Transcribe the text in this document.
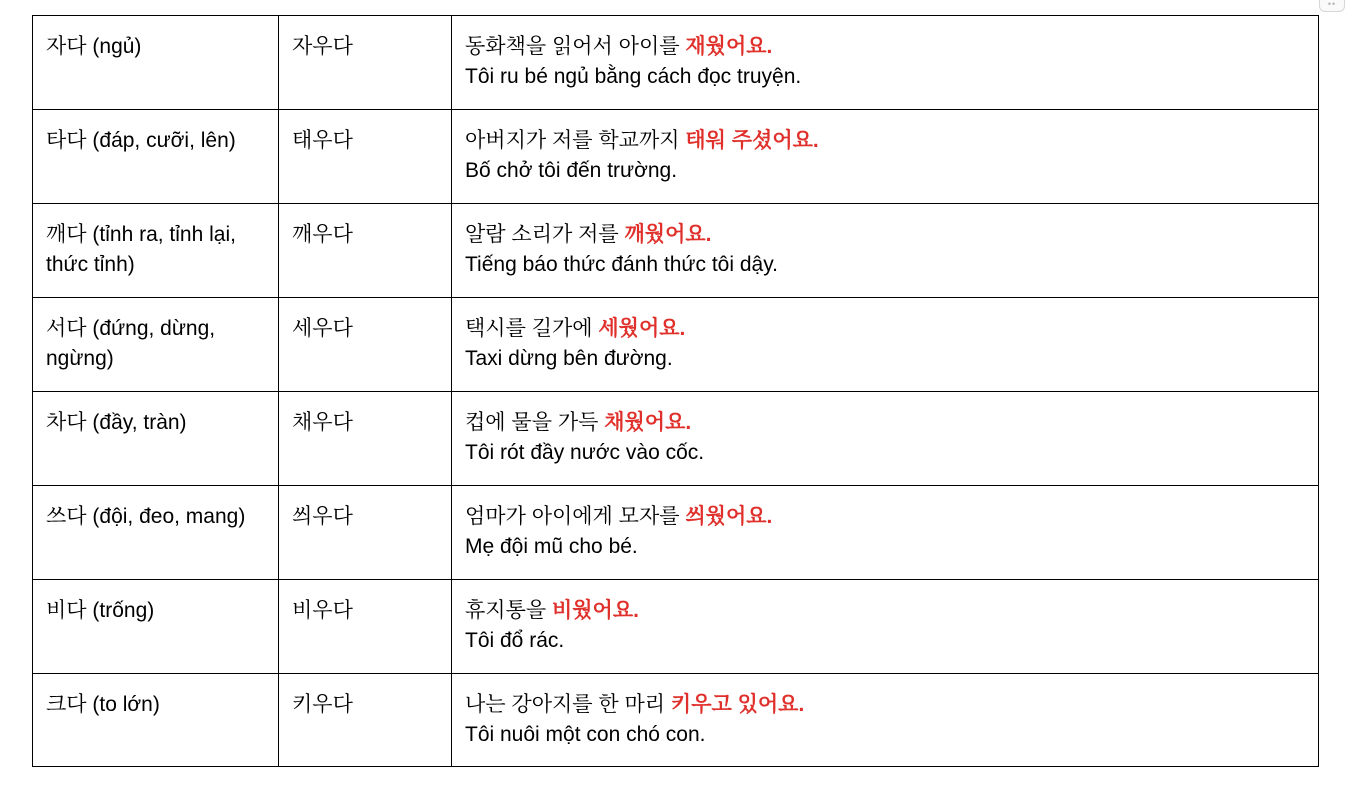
••
자다 (ngủ)	자우다	동화책을 읽어서 아이를 재웠어요.
Tôi ru bé ngủ bằng cách đọc truyện.

타다 (đáp, cưỡi, lên)	태우다	아버지가 저를 학교까지 태워 주셨어요.
Bố chở tôi đến trường.

깨다 (tỉnh ra, tỉnh lại, thức tỉnh)	깨우다	알람 소리가 저를 깨웠어요.
Tiếng báo thức đánh thức tôi dậy.

서다 (đứng, dừng, ngừng)	세우다	택시를 길가에 세웠어요.
Taxi dừng bên đường.

차다 (đầy, tràn)	채우다	컵에 물을 가득 채웠어요.
Tôi rót đầy nước vào cốc.

쓰다 (đội, đeo, mang)	씌우다	엄마가 아이에게 모자를 씌웠어요.
Mẹ đội mũ cho bé.

비다 (trống)	비우다	휴지통을 비웠어요.
Tôi đổ rác.

크다 (to lớn)	키우다	나는 강아지를 한 마리 키우고 있어요.
Tôi nuôi một con chó con.
